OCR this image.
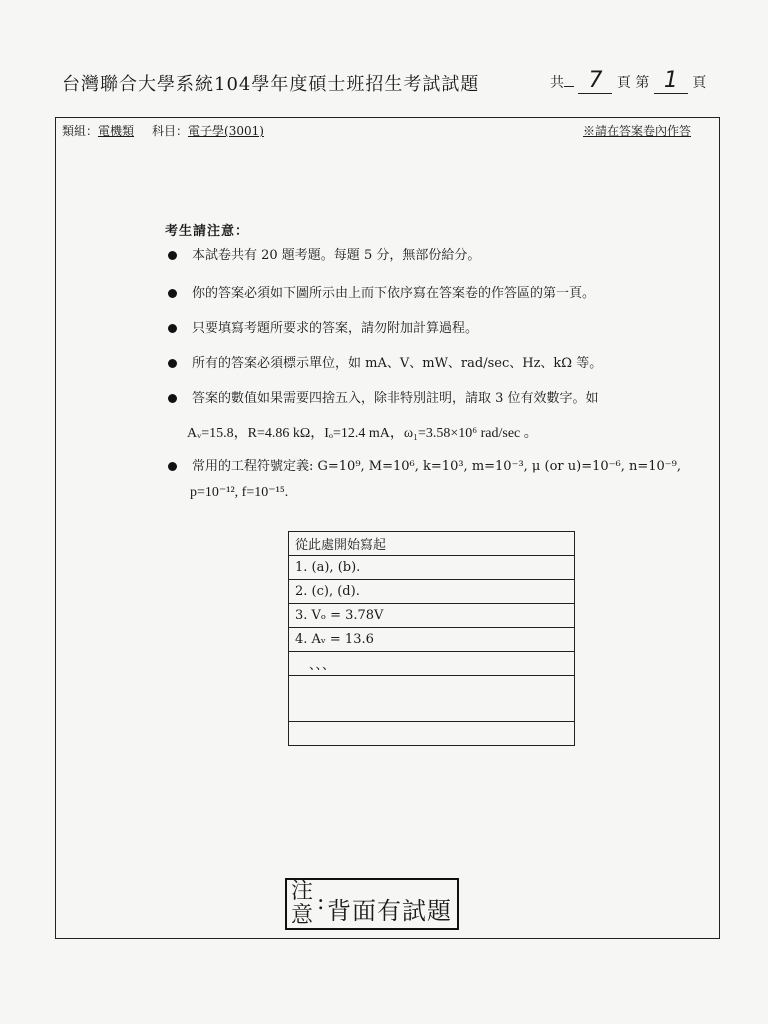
台灣聯合大學系統104學年度碩士班招生考試試題	共 7 頁 第 1 頁
類組：電機類 科目：電子學(3001)	※請在答案卷內作答
考生請注意：
本試卷共有 20 題考題。每題 5 分，無部份給分。
你的答案必須如下圖所示由上而下依序寫在答案卷的作答區的第一頁。
只要填寫考題所要求的答案，請勿附加計算過程。
所有的答案必須標示單位，如 mA、V、mW、rad/sec、Hz、kΩ 等。
答案的數值如果需要四捨五入，除非特別註明，請取 3 位有效數字。如
Aᵥ=15.8，R=4.86 kΩ，Iₒ=12.4 mA，ω₁=3.58×10⁶ rad/sec 。
常用的工程符號定義: G=10⁹, M=10⁶, k=10³, m=10⁻³, μ (or u)=10⁻⁶, n=10⁻⁹,
p=10⁻¹², f=10⁻¹⁵.
從此處開始寫起
1. (a), (b).
2. (c), (d).
3. Vₒ = 3.78V
4. Aᵥ = 13.6
、、、

注
意
: 背面有試題
